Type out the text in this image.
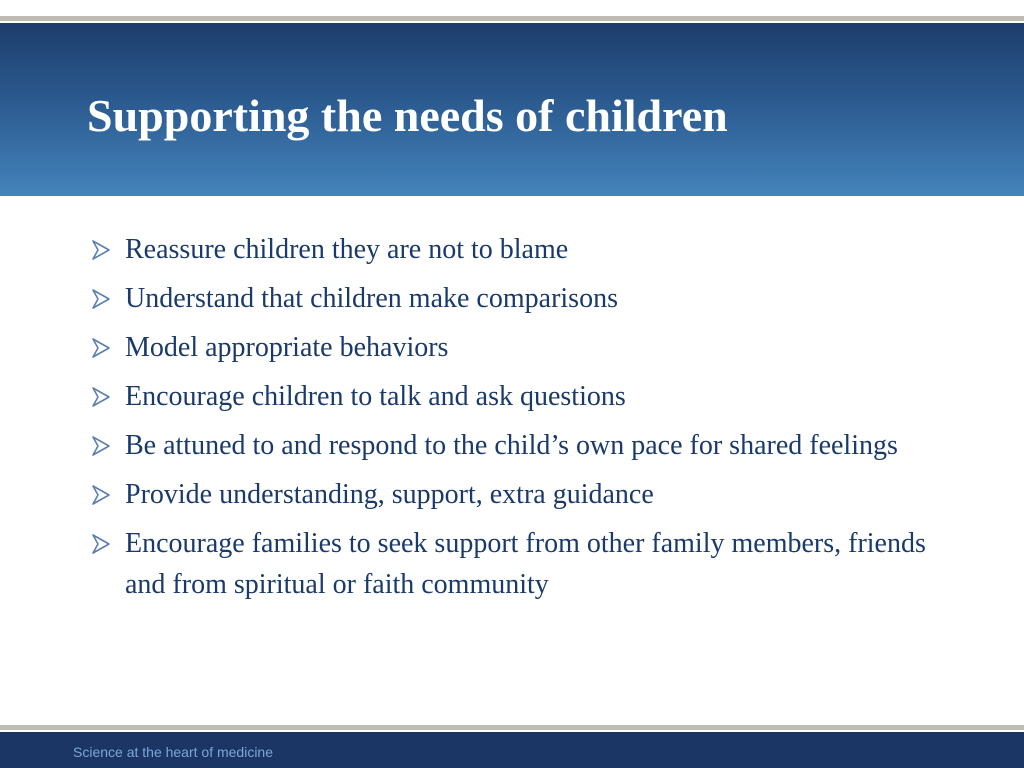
Supporting the needs of children
Reassure children they are not to blame
Understand that children make comparisons
Model appropriate behaviors
Encourage children to talk and ask questions
Be attuned to and respond to the child’s own pace for shared feelings
Provide understanding, support, extra guidance
Encourage families to seek support from other family members, friends and from spiritual or faith community

Science at the heart of medicine
